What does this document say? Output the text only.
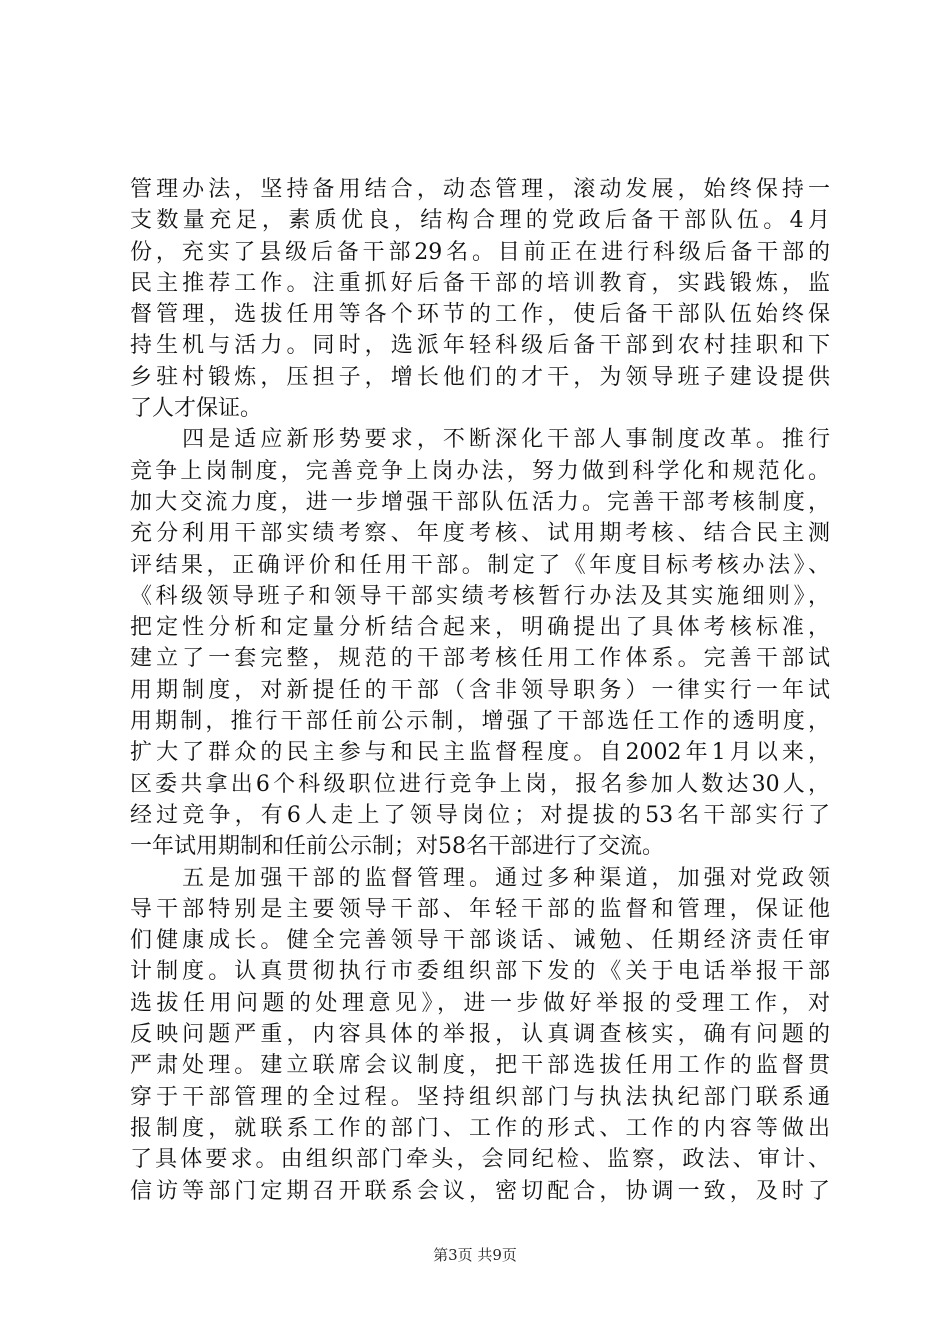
管理办法，坚持备用结合，动态管理，滚动发展，始终保持一
支数量充足，素质优良，结构合理的党政后备干部队伍。4月
份，充实了县级后备干部29名。目前正在进行科级后备干部的
民主推荐工作。注重抓好后备干部的培训教育，实践锻炼，监
督管理，选拔任用等各个环节的工作，使后备干部队伍始终保
持生机与活力。同时，选派年轻科级后备干部到农村挂职和下
乡驻村锻炼，压担子，增长他们的才干，为领导班子建设提供
了人才保证。
　　四是适应新形势要求，不断深化干部人事制度改革。推行
竞争上岗制度，完善竞争上岗办法，努力做到科学化和规范化。
加大交流力度，进一步增强干部队伍活力。完善干部考核制度，
充分利用干部实绩考察、年度考核、试用期考核、结合民主测
评结果，正确评价和任用干部。制定了《年度目标考核办法》、
《科级领导班子和领导干部实绩考核暂行办法及其实施细则》，
把定性分析和定量分析结合起来，明确提出了具体考核标准，
建立了一套完整，规范的干部考核任用工作体系。完善干部试
用期制度，对新提任的干部（含非领导职务）一律实行一年试
用期制，推行干部任前公示制，增强了干部选任工作的透明度，
扩大了群众的民主参与和民主监督程度。自2002年1月以来，
区委共拿出6个科级职位进行竞争上岗，报名参加人数达30人，
经过竞争，有6人走上了领导岗位；对提拔的53名干部实行了
一年试用期制和任前公示制；对58名干部进行了交流。
　　五是加强干部的监督管理。通过多种渠道，加强对党政领
导干部特别是主要领导干部、年轻干部的监督和管理，保证他
们健康成长。健全完善领导干部谈话、诫勉、任期经济责任审
计制度。认真贯彻执行市委组织部下发的《关于电话举报干部
选拔任用问题的处理意见》，进一步做好举报的受理工作，对
反映问题严重，内容具体的举报，认真调查核实，确有问题的
严肃处理。建立联席会议制度，把干部选拔任用工作的监督贯
穿于干部管理的全过程。坚持组织部门与执法执纪部门联系通
报制度，就联系工作的部门、工作的形式、工作的内容等做出
了具体要求。由组织部门牵头，会同纪检、监察，政法、审计、
信访等部门定期召开联系会议，密切配合，协调一致，及时了
第3页 共9页
